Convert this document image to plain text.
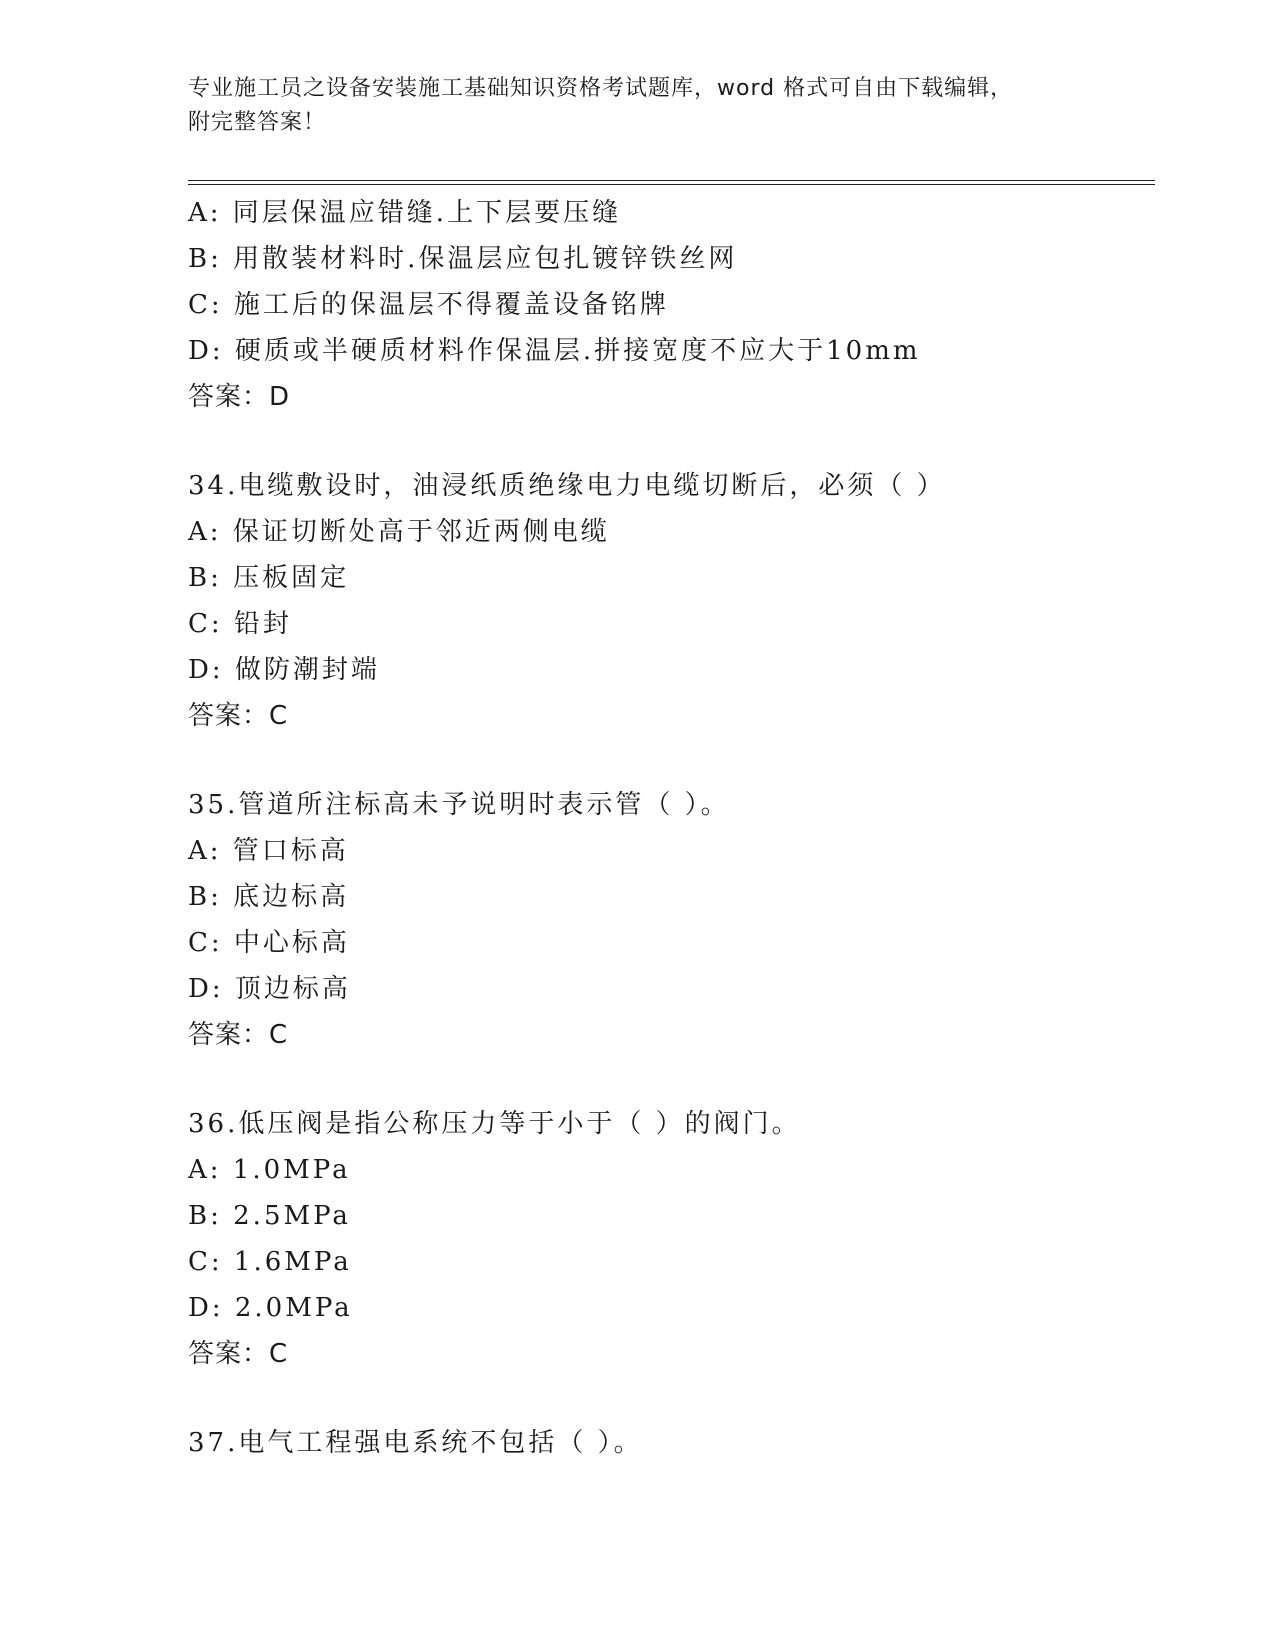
专业施工员之设备安装施工基础知识资格考试题库，word 格式可自由下载编辑，
附完整答案！
A: 同层保温应错缝.上下层要压缝
B: 用散装材料时.保温层应包扎镀锌铁丝网
C: 施工后的保温层不得覆盖设备铭牌
D: 硬质或半硬质材料作保温层.拼接宽度不应大于10mm
答案：D
34.电缆敷设时，油浸纸质绝缘电力电缆切断后，必须（ ）
A: 保证切断处高于邻近两侧电缆
B: 压板固定
C: 铅封
D: 做防潮封端
答案：C
35.管道所注标高未予说明时表示管（ ）。
A: 管口标高
B: 底边标高
C: 中心标高
D: 顶边标高
答案：C
36.低压阀是指公称压力等于小于（ ）的阀门。
A: 1.0MPa
B: 2.5MPa
C: 1.6MPa
D: 2.0MPa
答案：C
37.电气工程强电系统不包括（ ）。
